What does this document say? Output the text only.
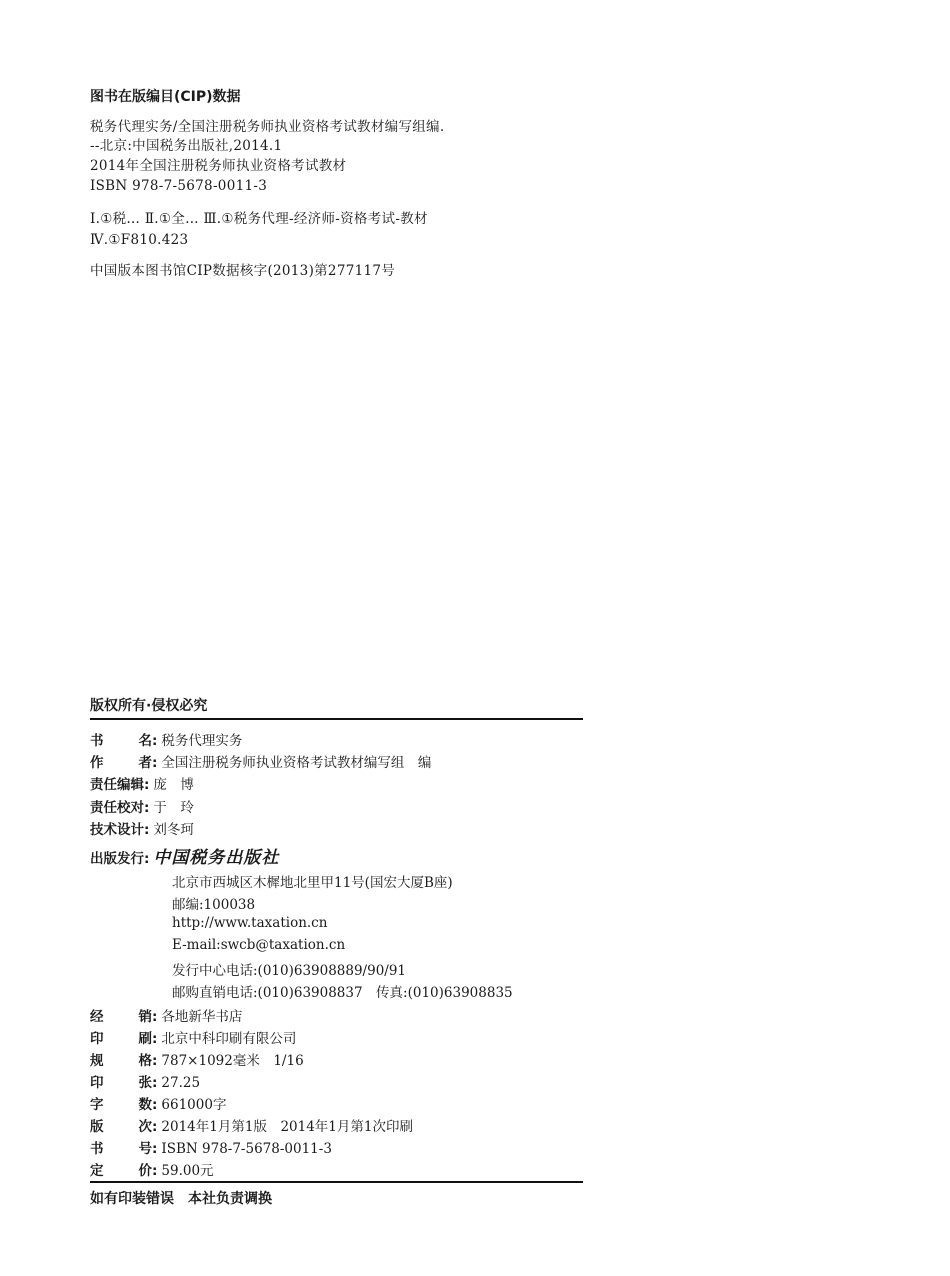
图书在版编目(CIP)数据
税务代理实务/全国注册税务师执业资格考试教材编写组编.
--北京:中国税务出版社,2014.1
2014年全国注册税务师执业资格考试教材
ISBN 978-7-5678-0011-3
Ⅰ.①税… Ⅱ.①全… Ⅲ.①税务代理-经济师-资格考试-教材
Ⅳ.①F810.423
中国版本图书馆CIP数据核字(2013)第277117号
版权所有·侵权必究
书	名 : 税务代理实务
作	者 : 全国注册税务师执业资格考试教材编写组　编
责任编辑: 庞　博
责任校对: 于　玲
技术设计: 刘冬珂
出版发行: 中国税务出版社
北京市西城区木樨地北里甲11号(国宏大厦B座)
邮编:100038
http://www.taxation.cn
E-mail:swcb@taxation.cn
发行中心电话:(010)63908889/90/91
邮购直销电话:(010)63908837　传真:(010)63908835
经	销 : 各地新华书店
印	刷 : 北京中科印刷有限公司
规	格 : 787×1092毫米　1/16
印	张 : 27.25
字	数 : 661000字
版	次 : 2014年1月第1版　2014年1月第1次印刷
书	号 : ISBN 978-7-5678-0011-3
定	价 : 59.00元
如有印装错误　本社负责调换
